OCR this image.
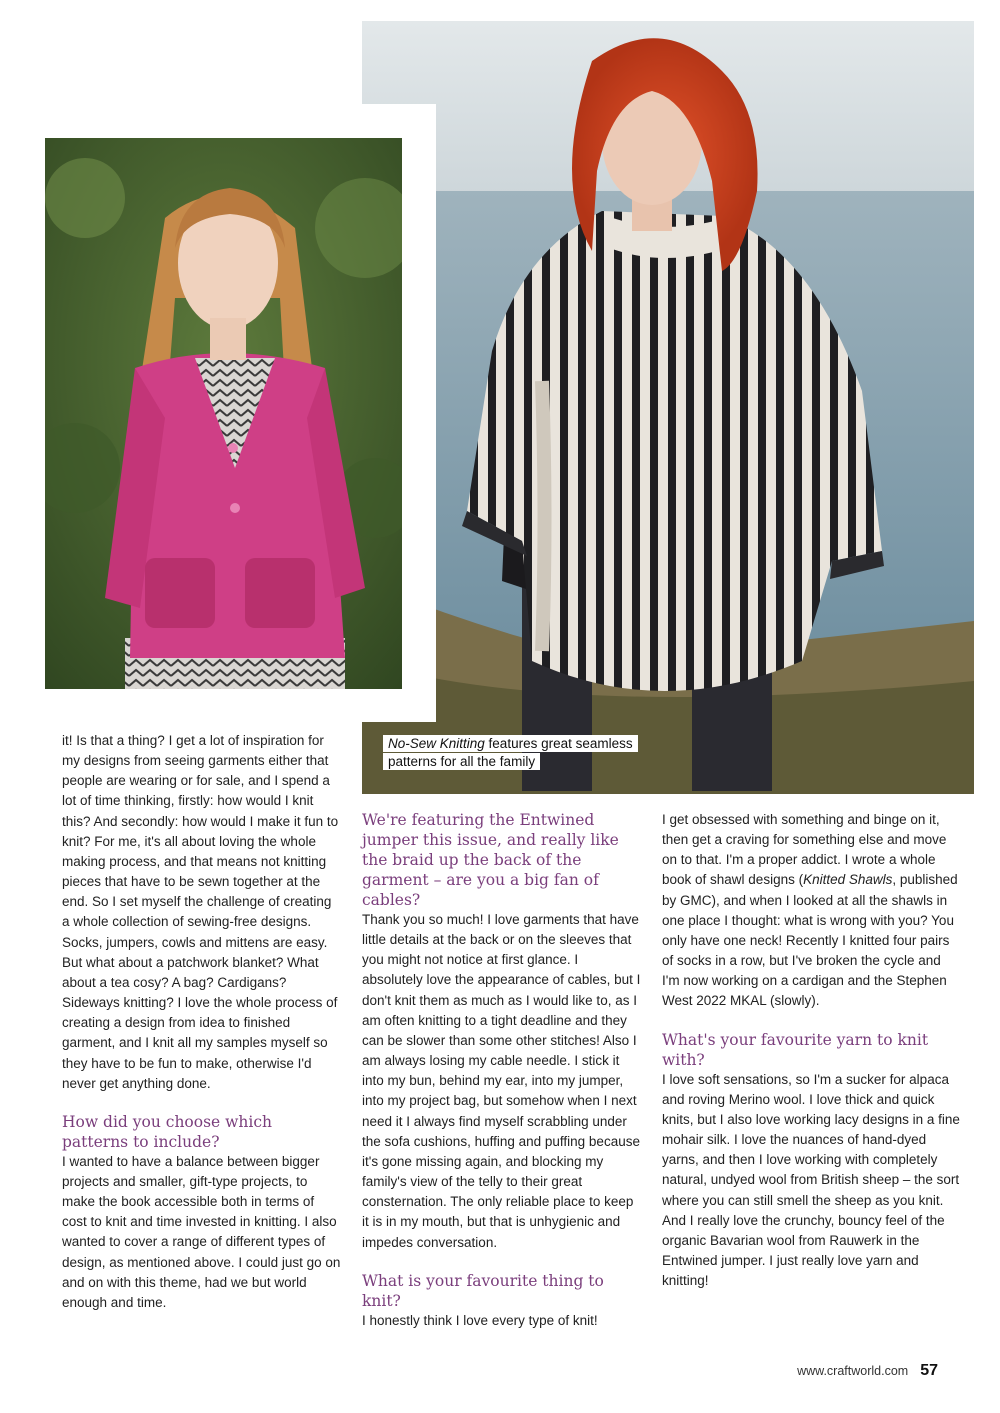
No-Sew Knitting features great seamless
patterns for all the family

it! Is that a thing? I get a lot of inspiration for my designs from seeing garments either that people are wearing or for sale, and I spend a lot of time thinking, firstly: how would I knit this? And secondly: how would I make it fun to knit? For me, it's all about loving the whole making process, and that means not knitting pieces that have to be sewn together at the end. So I set myself the challenge of creating a whole collection of sewing-free designs. Socks, jumpers, cowls and mittens are easy. But what about a patchwork blanket? What about a tea cosy? A bag? Cardigans? Sideways knitting? I love the whole process of creating a design from idea to finished garment, and I knit all my samples myself so they have to be fun to make, otherwise I'd never get anything done.

How did you choose which patterns to include?

I wanted to have a balance between bigger projects and smaller, gift-type projects, to make the book accessible both in terms of cost to knit and time invested in knitting. I also wanted to cover a range of different types of design, as mentioned above. I could just go on and on with this theme, had we but world enough and time.

We're featuring the Entwined jumper this issue, and really like the braid up the back of the garment – are you a big fan of cables?

Thank you so much! I love garments that have little details at the back or on the sleeves that you might not notice at first glance. I absolutely love the appearance of cables, but I don't knit them as much as I would like to, as I am often knitting to a tight deadline and they can be slower than some other stitches! Also I am always losing my cable needle. I stick it into my bun, behind my ear, into my jumper, into my project bag, but somehow when I next need it I always find myself scrabbling under the sofa cushions, huffing and puffing because it's gone missing again, and blocking my family's view of the telly to their great consternation. The only reliable place to keep it is in my mouth, but that is unhygienic and impedes conversation.

What is your favourite thing to knit?

I honestly think I love every type of knit!

I get obsessed with something and binge on it, then get a craving for something else and move on to that. I'm a proper addict. I wrote a whole book of shawl designs (Knitted Shawls, published by GMC), and when I looked at all the shawls in one place I thought: what is wrong with you? You only have one neck! Recently I knitted four pairs of socks in a row, but I've broken the cycle and I'm now working on a cardigan and the Stephen West 2022 MKAL (slowly).

What's your favourite yarn to knit with?

I love soft sensations, so I'm a sucker for alpaca and roving Merino wool. I love thick and quick knits, but I also love working lacy designs in a fine mohair silk. I love the nuances of hand-dyed yarns, and then I love working with completely natural, undyed wool from British sheep – the sort where you can still smell the sheep as you knit. And I really love the crunchy, bouncy feel of the organic Bavarian wool from Rauwerk in the Entwined jumper. I just really love yarn and knitting!

www.craftworld.com 57
